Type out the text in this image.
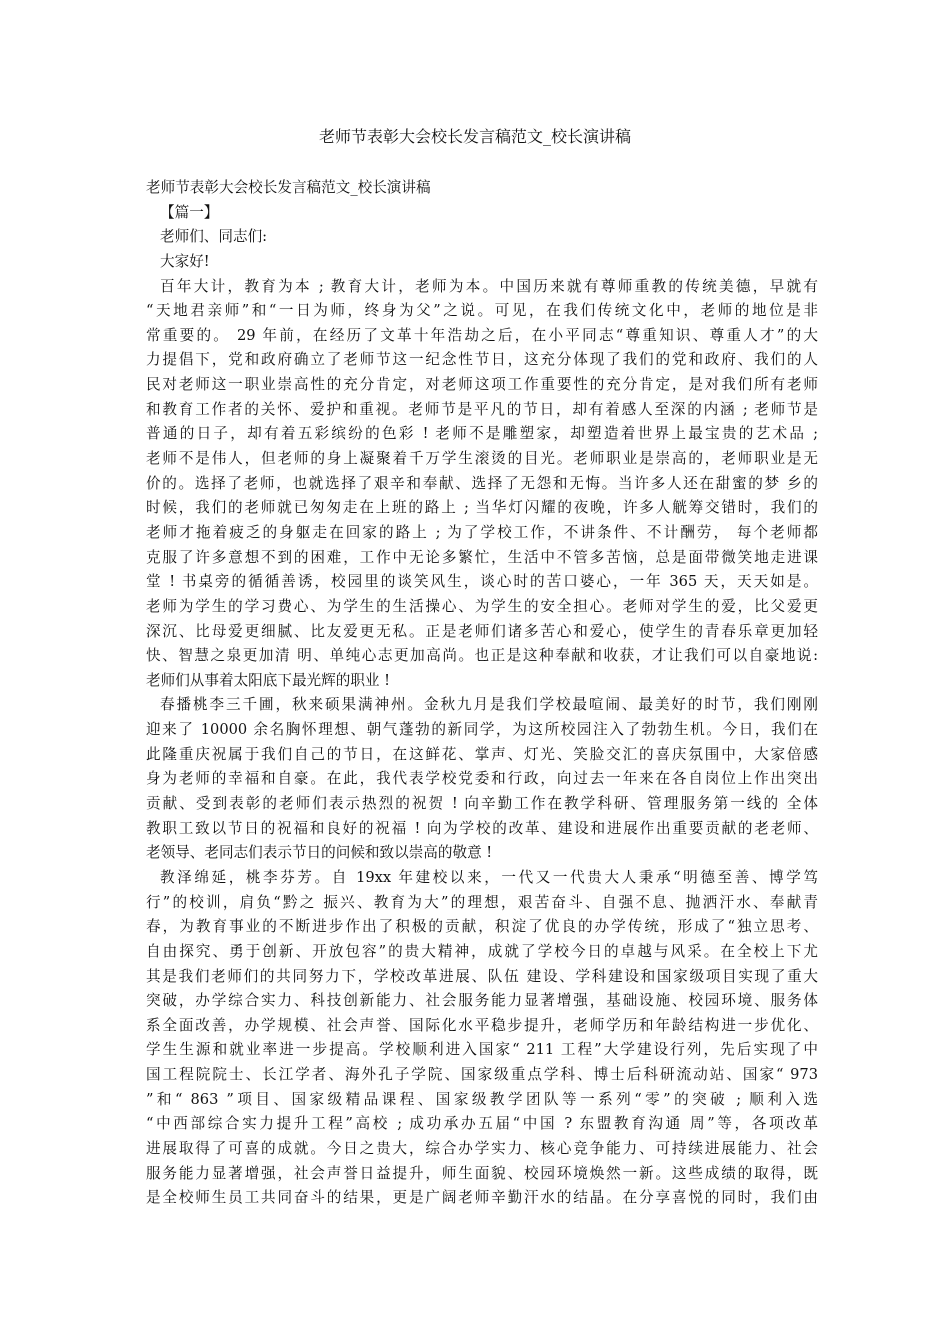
老师节表彰大会校长发言稿范文_校长演讲稿
老师节表彰大会校长发言稿范文_校长演讲稿
【篇一】
老师们、同志们:
大家好!
百年大计，教育为本 ; 教育大计，老师为本。中国历来就有尊师重教的传统美德，早就有
“天地君亲师”和“一日为师，终身为父”之说。可见，在我们传统文化中，老师的地位是非
常重要的。 29 年前，在经历了文革十年浩劫之后，在小平同志“尊重知识、尊重人才”的大
力提倡下，党和政府确立了老师节这一纪念性节日，这充分体现了我们的党和政府、我们的人
民对老师这一职业崇高性的充分肯定，对老师这项工作重要性的充分肯定，是对我们所有老师
和教育工作者的关怀、爱护和重视。老师节是平凡的节日，却有着感人至深的内涵 ; 老师节是
普通的日子，却有着五彩缤纷的色彩 ! 老师不是雕塑家，却塑造着世界上最宝贵的艺术品 ;
老师不是伟人，但老师的身上凝聚着千万学生滚烫的目光。老师职业是崇高的，老师职业是无
价的。选择了老师，也就选择了艰辛和奉献、选择了无怨和无悔。当许多人还在甜蜜的梦 乡的
时候，我们的老师就已匆匆走在上班的路上 ; 当华灯闪耀的夜晚，许多人觥筹交错时，我们的
老师才拖着疲乏的身躯走在回家的路上 ; 为了学校工作，不讲条件、不计酬劳， 每个老师都
克服了许多意想不到的困难，工作中无论多繁忙，生活中不管多苦恼，总是面带微笑地走进课
堂 ! 书桌旁的循循善诱，校园里的谈笑风生，谈心时的苦口婆心，一年 365 天，天天如是。
老师为学生的学习费心、为学生的生活操心、为学生的安全担心。老师对学生的爱，比父爱更
深沉、比母爱更细腻、比友爱更无私。正是老师们诸多苦心和爱心，使学生的青春乐章更加轻
快、智慧之泉更加清 明、单纯心志更加高尚。也正是这种奉献和收获，才让我们可以自豪地说:
老师们从事着太阳底下最光辉的职业 !
春播桃李三千圃，秋来硕果满神州。金秋九月是我们学校最喧闹、最美好的时节，我们刚刚
迎来了 10000 余名胸怀理想、朝气蓬勃的新同学，为这所校园注入了勃勃生机。今日，我们在
此隆重庆祝属于我们自己的节日，在这鲜花、掌声、灯光、笑脸交汇的喜庆氛围中，大家倍感
身为老师的幸福和自豪。在此，我代表学校党委和行政，向过去一年来在各自岗位上作出突出
贡献、受到表彰的老师们表示热烈的祝贺 ! 向辛勤工作在教学科研、管理服务第一线的 全体
教职工致以节日的祝福和良好的祝福 ! 向为学校的改革、建设和进展作出重要贡献的老老师、
老领导、老同志们表示节日的问候和致以崇高的敬意 !
教泽绵延，桃李芬芳。自 19xx 年建校以来，一代又一代贵大人秉承“明德至善、博学笃
行”的校训，肩负“黔之 振兴、教育为大”的理想，艰苦奋斗、自强不息、抛洒汗水、奉献青
春，为教育事业的不断进步作出了积极的贡献，积淀了优良的办学传统，形成了“独立思考、
自由探究、勇于创新、开放包容”的贵大精神，成就了学校今日的卓越与风采。在全校上下尤
其是我们老师们的共同努力下，学校改革进展、队伍 建设、学科建设和国家级项目实现了重大
突破，办学综合实力、科技创新能力、社会服务能力显著增强，基础设施、校园环境、服务体
系全面改善，办学规模、社会声誉、国际化水平稳步提升，老师学历和年龄结构进一步优化、
学生生源和就业率进一步提高。学校顺利进入国家“ 211 工程”大学建设行列，先后实现了中
国工程院院士、长江学者、海外孔子学院、国家级重点学科、博士后科研流动站、国家“ 973
”和“ 863 ”项目、国家级精品课程、国家级教学团队等一系列“零”的突破 ; 顺利入选
“中西部综合实力提升工程”高校 ; 成功承办五届“中国 ? 东盟教育沟通 周”等，各项改革
进展取得了可喜的成就。今日之贵大，综合办学实力、核心竞争能力、可持续进展能力、社会
服务能力显著增强，社会声誉日益提升，师生面貌、校园环境焕然一新。这些成绩的取得，既
是全校师生员工共同奋斗的结果，更是广阔老师辛勤汗水的结晶。在分享喜悦的同时，我们由
